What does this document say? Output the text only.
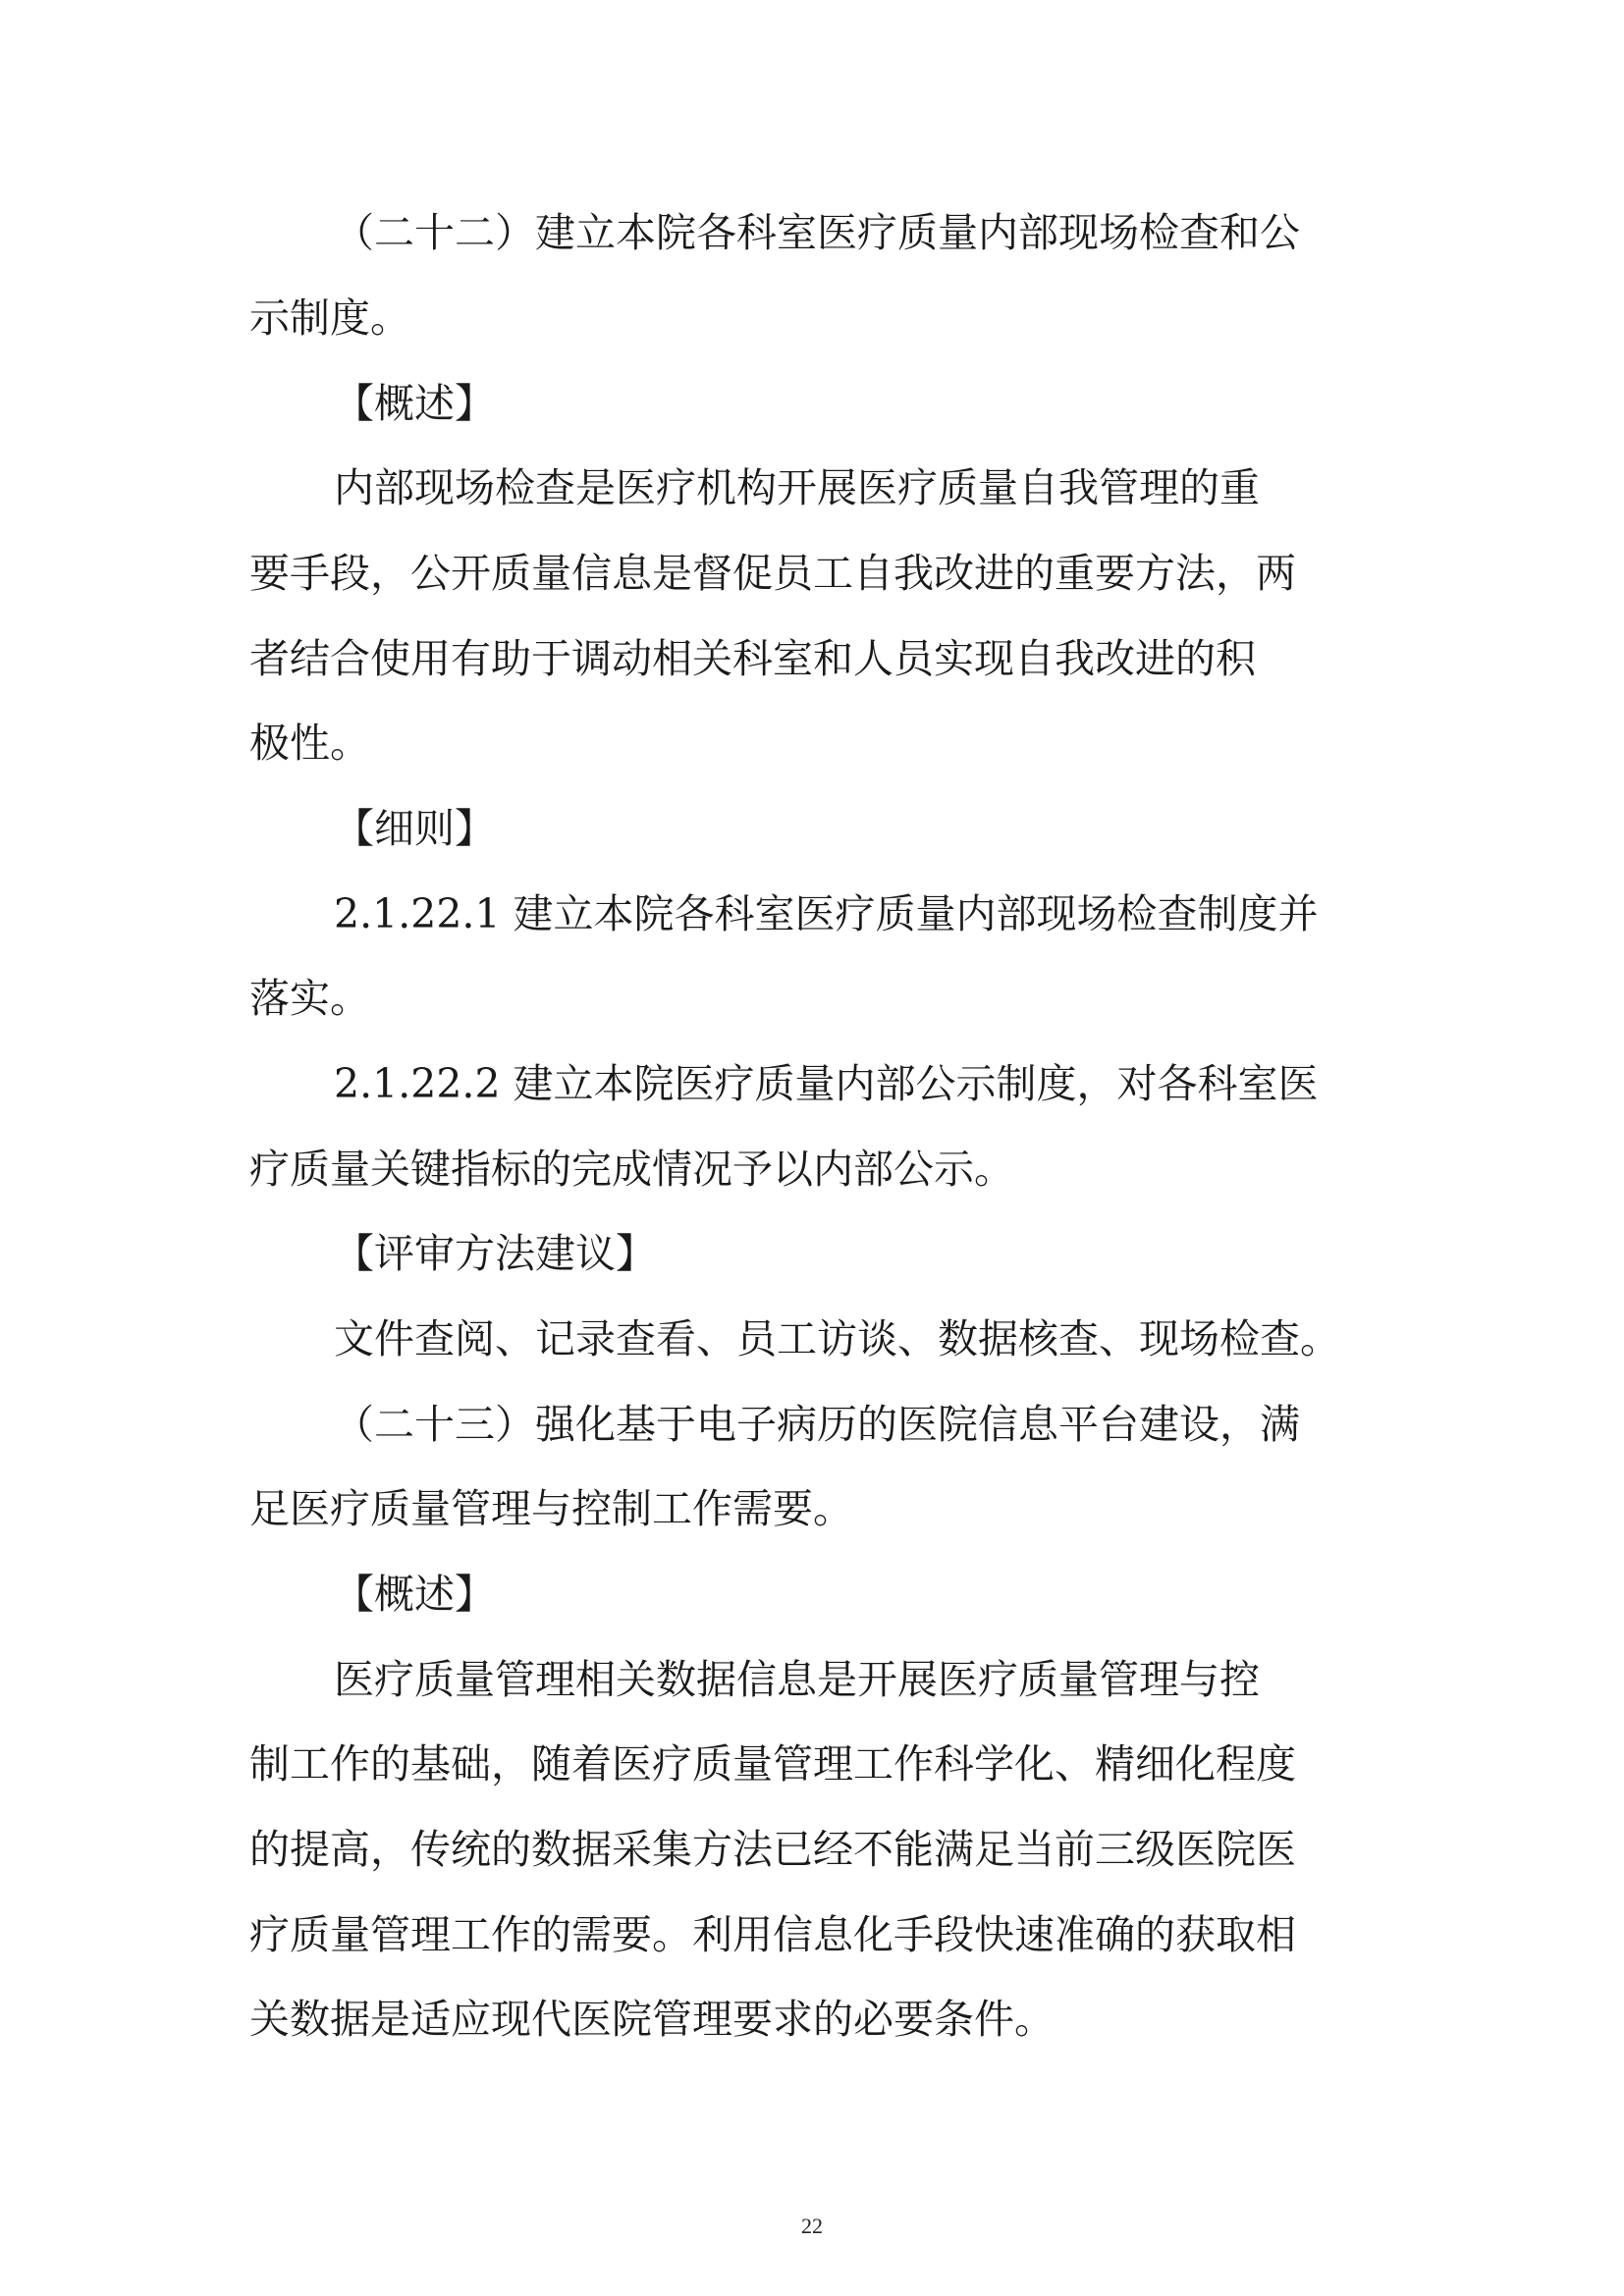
（二十二）建立本院各科室医疗质量内部现场检查和公

示制度。

【概述】

内部现场检查是医疗机构开展医疗质量自我管理的重

要手段，公开质量信息是督促员工自我改进的重要方法，两

者结合使用有助于调动相关科室和人员实现自我改进的积

极性。

【细则】

2.1.22.1 建立本院各科室医疗质量内部现场检查制度并

落实。

2.1.22.2 建立本院医疗质量内部公示制度，对各科室医

疗质量关键指标的完成情况予以内部公示。

【评审方法建议】

文件查阅、记录查看、员工访谈、数据核查、现场检查。

（二十三）强化基于电子病历的医院信息平台建设，满

足医疗质量管理与控制工作需要。

【概述】

医疗质量管理相关数据信息是开展医疗质量管理与控

制工作的基础，随着医疗质量管理工作科学化、精细化程度

的提高，传统的数据采集方法已经不能满足当前三级医院医

疗质量管理工作的需要。利用信息化手段快速准确的获取相

关数据是适应现代医院管理要求的必要条件。

22
